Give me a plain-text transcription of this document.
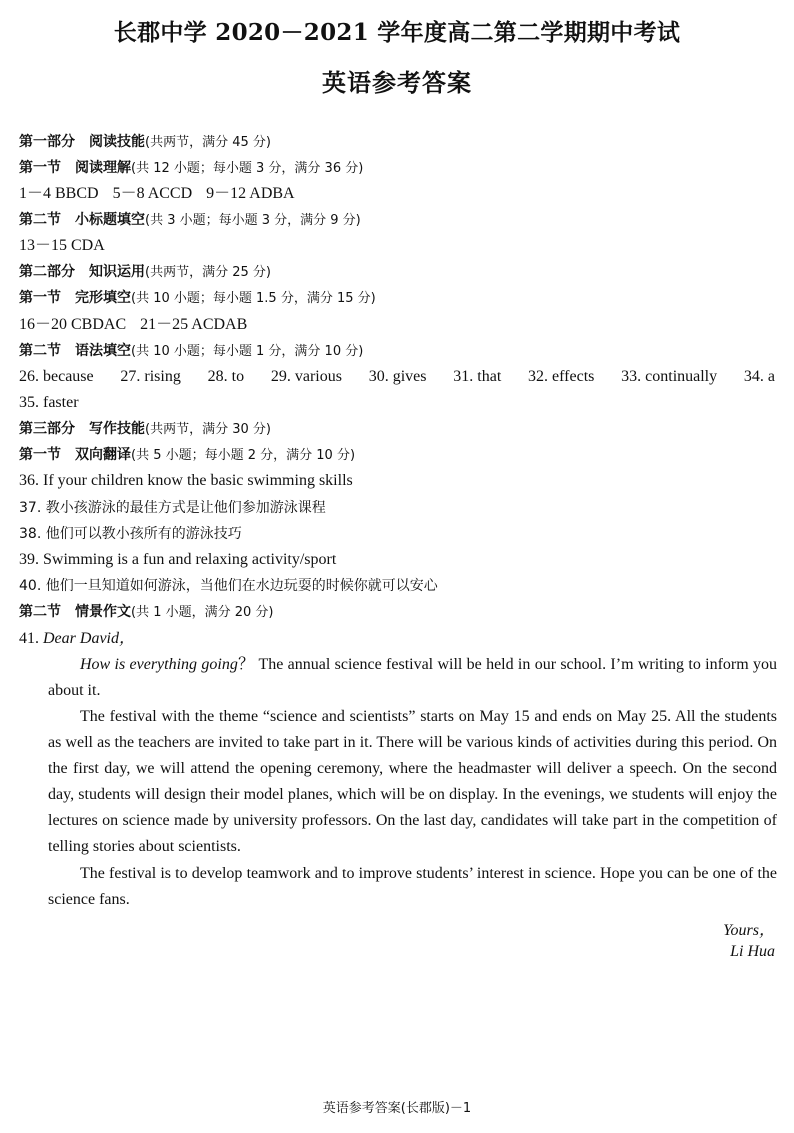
长郡中学 2020－2021 学年度高二第二学期期中考试
英语参考答案
第一部分 阅读技能(共两节，满分 45 分)
第一节 阅读理解(共 12 小题；每小题 3 分，满分 36 分)
1－4 BBCD 5－8 ACCD 9－12 ADBA
第二节 小标题填空(共 3 小题；每小题 3 分，满分 9 分)
13－15 CDA
第二部分 知识运用(共两节，满分 25 分)
第一节 完形填空(共 10 小题；每小题 1.5 分，满分 15 分)
16－20 CBDAC 21－25 ACDAB
第二节 语法填空(共 10 小题；每小题 1 分，满分 10 分)
26. because 27. rising 28. to 29. various 30. gives 31. that 32. effects 33. continually 34. a
35. faster
第三部分 写作技能(共两节，满分 30 分)
第一节 双向翻译(共 5 小题；每小题 2 分，满分 10 分)
36. If your children know the basic swimming skills
37. 教小孩游泳的最佳方式是让他们参加游泳课程
38. 他们可以教小孩所有的游泳技巧
39. Swimming is a fun and relaxing activity/sport
40. 他们一旦知道如何游泳，当他们在水边玩耍的时候你就可以安心
第二节 情景作文(共 1 小题，满分 20 分)
41. Dear David，

How is everything going？ The annual science festival will be held in our school. I’m writing to inform you about it.

The festival with the theme “science and scientists” starts on May 15 and ends on May 25. All the students as well as the teachers are invited to take part in it. There will be various kinds of activities during this period. On the first day, we will attend the opening ceremony, where the headmaster will deliver a speech. On the second day, students will design their model planes, which will be on display. In the evenings, we students will enjoy the lectures on science made by university professors. On the last day, candidates will take part in the competition of telling stories about scientists.

The festival is to develop teamwork and to improve students’ interest in science. Hope you can be one of the science fans.

Yours，
Li Hua
英语参考答案(长郡版)－1
